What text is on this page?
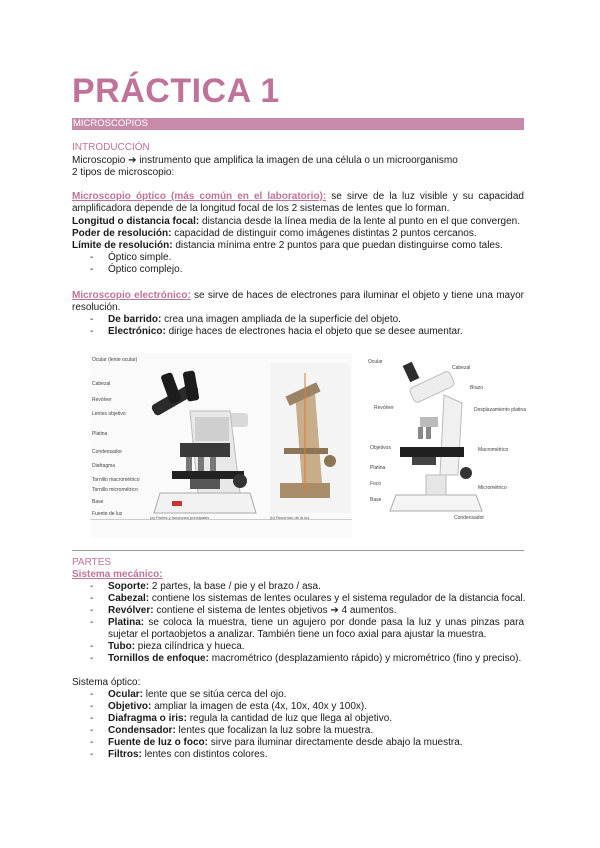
PRÁCTICA 1
MICROSCOPIOS
INTRODUCCIÓN
Microscopio ➔ instrumento que amplifica la imagen de una célula o un microorganismo
2 tipos de microscopio:
Microscopio óptico (más común en el laboratorio): se sirve de la luz visible y su capacidad amplificadora depende de la longitud focal de los 2 sistemas de lentes que lo forman.
Longitud o distancia focal: distancia desde la línea media de la lente al punto en el que convergen.
Poder de resolución: capacidad de distinguir como imágenes distintas 2 puntos cercanos.
Límite de resolución: distancia mínima entre 2 puntos para que puedan distinguirse como tales.
- Óptico simple.
- Óptico complejo.
Microscopio electrónico: se sirve de haces de electrones para iluminar el objeto y tiene una mayor resolución.
- De barrido: crea una imagen ampliada de la superficie del objeto.
- Electrónico: dirige haces de electrones hacia el objeto que se desee aumentar.
Ocular (lente ocular)
Cabezal
Revólver
Lentes objetivo
Platina
Condensador
Diafragma
Tornillo macrométrico
Tornillo micrométrico
Base
Fuente de luz
(a) Partes y funciones principales	(b) Recorrido de la luz
Ocular
Cabezal
Brazo
Revólver	Desplazamiento platina
Objetivos	Macrométrico
Platina
Foco
Micrométrico
Base
Condensador
PARTES
Sistema mecánico:
- Soporte: 2 partes, la base / pie y el brazo / asa.
- Cabezal: contiene los sistemas de lentes oculares y el sistema regulador de la distancia focal.
- Revólver: contiene el sistema de lentes objetivos ➔ 4 aumentos.
- Platina: se coloca la muestra, tiene un agujero por donde pasa la luz y unas pinzas para sujetar el portaobjetos a analizar. También tiene un foco axial para ajustar la muestra.
- Tubo: pieza cilíndrica y hueca.
- Tornillos de enfoque: macrométrico (desplazamiento rápido) y micrométrico (fino y preciso).
Sistema óptico:
- Ocular: lente que se sitúa cerca del ojo.
- Objetivo: ampliar la imagen de esta (4x, 10x, 40x y 100x).
- Diafragma o iris: regula la cantidad de luz que llega al objetivo.
- Condensador: lentes que focalizan la luz sobre la muestra.
- Fuente de luz o foco: sirve para iluminar directamente desde abajo la muestra.
- Filtros: lentes con distintos colores.
